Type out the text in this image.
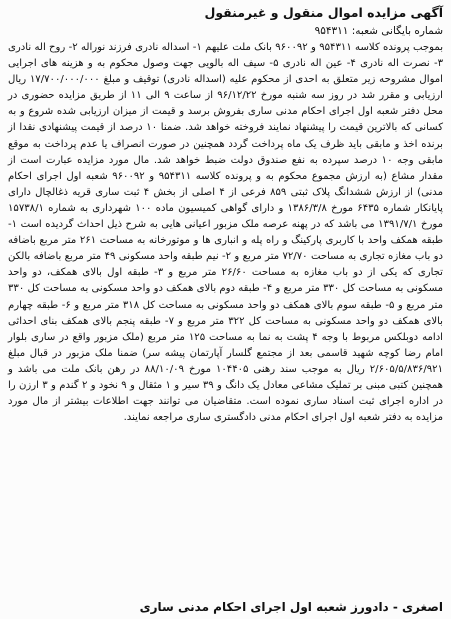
آگهی مزایده اموال منقول و غیرمنقول
شماره بایگانی شعبه: ۹۵۴۳۱۱

بموجب پرونده کلاسه ۹۵۴۳۱۱ و ۹۶۰۰۹۲ بانک ملت علیهم ۱- اسداله نادری فرزند نوراله ۲- روح اله نادری ۳- نصرت اله نادری ۴- عین اله نادری ۵- سیف اله بالویی جهت وصول محکوم به و هزینه های اجرایی اموال مشروحه زیر متعلق به احدی از محکوم علیه (اسداله نادری) توقیف و مبلغ ۱۷/۷۰۰/۰۰۰/۰۰۰ ریال ارزیابی و مقرر شد در روز سه شنبه مورخ ۹۶/۱۲/۲۲ از ساعت ۹ الی ۱۱ از طریق مزایده حضوری در محل دفتر شعبه اول اجرای احکام مدنی ساری بفروش برسد و قیمت از میزان ارزیابی شده شروع و به کسانی که بالاترین قیمت را پیشنهاد نمایند فروخته خواهد شد. ضمنا ۱۰ درصد از قیمت پیشنهادی نقدا از برنده اخذ و مابقی باید ظرف یک ماه پرداخت گردد همچنین در صورت انصراف یا عدم پرداخت به موقع مابقی وجه ۱۰ درصد سپرده به نفع صندوق دولت ضبط خواهد شد. مال مورد مزایده عبارت است از مقدار مشاع (به ارزش مجموع محکوم به و پرونده کلاسه ۹۵۴۳۱۱ و ۹۶۰۰۹۲ شعبه اول اجرای احکام مدنی) از ارزش ششدانگ پلاک ثبتی ۸۵۹ فرعی از ۴ اصلی از بخش ۴ ثبت ساری قریه ذغالچال دارای پایانکار شماره ۶۴۳۵ مورخ ۱۳۸۶/۳/۸ و دارای گواهی کمیسیون ماده ۱۰۰ شهرداری به شماره ۱۵۷۳۸/۱ مورخ ۱۳۹۱/۷/۱ می باشد که در پهنه عرصه ملک مزبور اعیانی هایی به شرح ذیل احداث گردیده است ۱- طبقه همکف واحد با کاربری پارکینگ و راه پله و انباری ها و موتورخانه به مساحت ۲۶۱ متر مربع باضافه دو باب مغازه تجاری به مساحت ۷۲/۷۰ متر مربع و ۲- نیم طبقه واحد مسکونی ۴۹ متر مربع باضافه بالکن تجاری که یکی از دو باب مغازه به مساحت ۲۶/۶۰ متر مربع و ۳- طبقه اول بالای همکف، دو واحد مسکونی به مساحت کل ۳۳۰ متر مربع و ۴- طبقه دوم بالای همکف دو واحد مسکونی به مساحت کل ۳۳۰ متر مربع و ۵- طبقه سوم بالای همکف دو واحد مسکونی به مساحت کل ۳۱۸ متر مربع و ۶- طبقه چهارم بالای همکف دو واحد مسکونی به مساحت کل ۳۲۲ متر مربع و ۷- طبقه پنجم بالای همکف بنای احداثی ادامه دوبلکس مربوط با وجه ۴ پشت به نما به مساحت ۱۲۵ متر مربع (ملک مزبور واقع در ساری بلوار امام رضا کوچه شهید قاسمی بعد از مجتمع گلسار آپارتمان پیشه سر) ضمنا ملک مزبور در قبال مبلغ ۲/۶۰۵/۵/۸۳۶/۹۲۱ ریال به موجب سند رهنی ۱۰۴۴۰۵ مورخ ۸۸/۱۰/۰۹ در رهن بانک ملت می باشد و همچنین کتبی مبنی بر تملیک مشاعی معادل یک دانگ و ۳۹ سیر و ۱ مثقال و ۹ نخود و ۲ گندم و ۳ ارزن را در اداره اجرای ثبت اسناد ساری نموده است. متقاضیان می توانند جهت اطلاعات بیشتر از مال مورد مزایده به دفتر شعبه اول اجرای احکام مدنی دادگستری ساری مراجعه نمایند.

اصغری - دادورز شعبه اول اجرای احکام مدنی ساری
